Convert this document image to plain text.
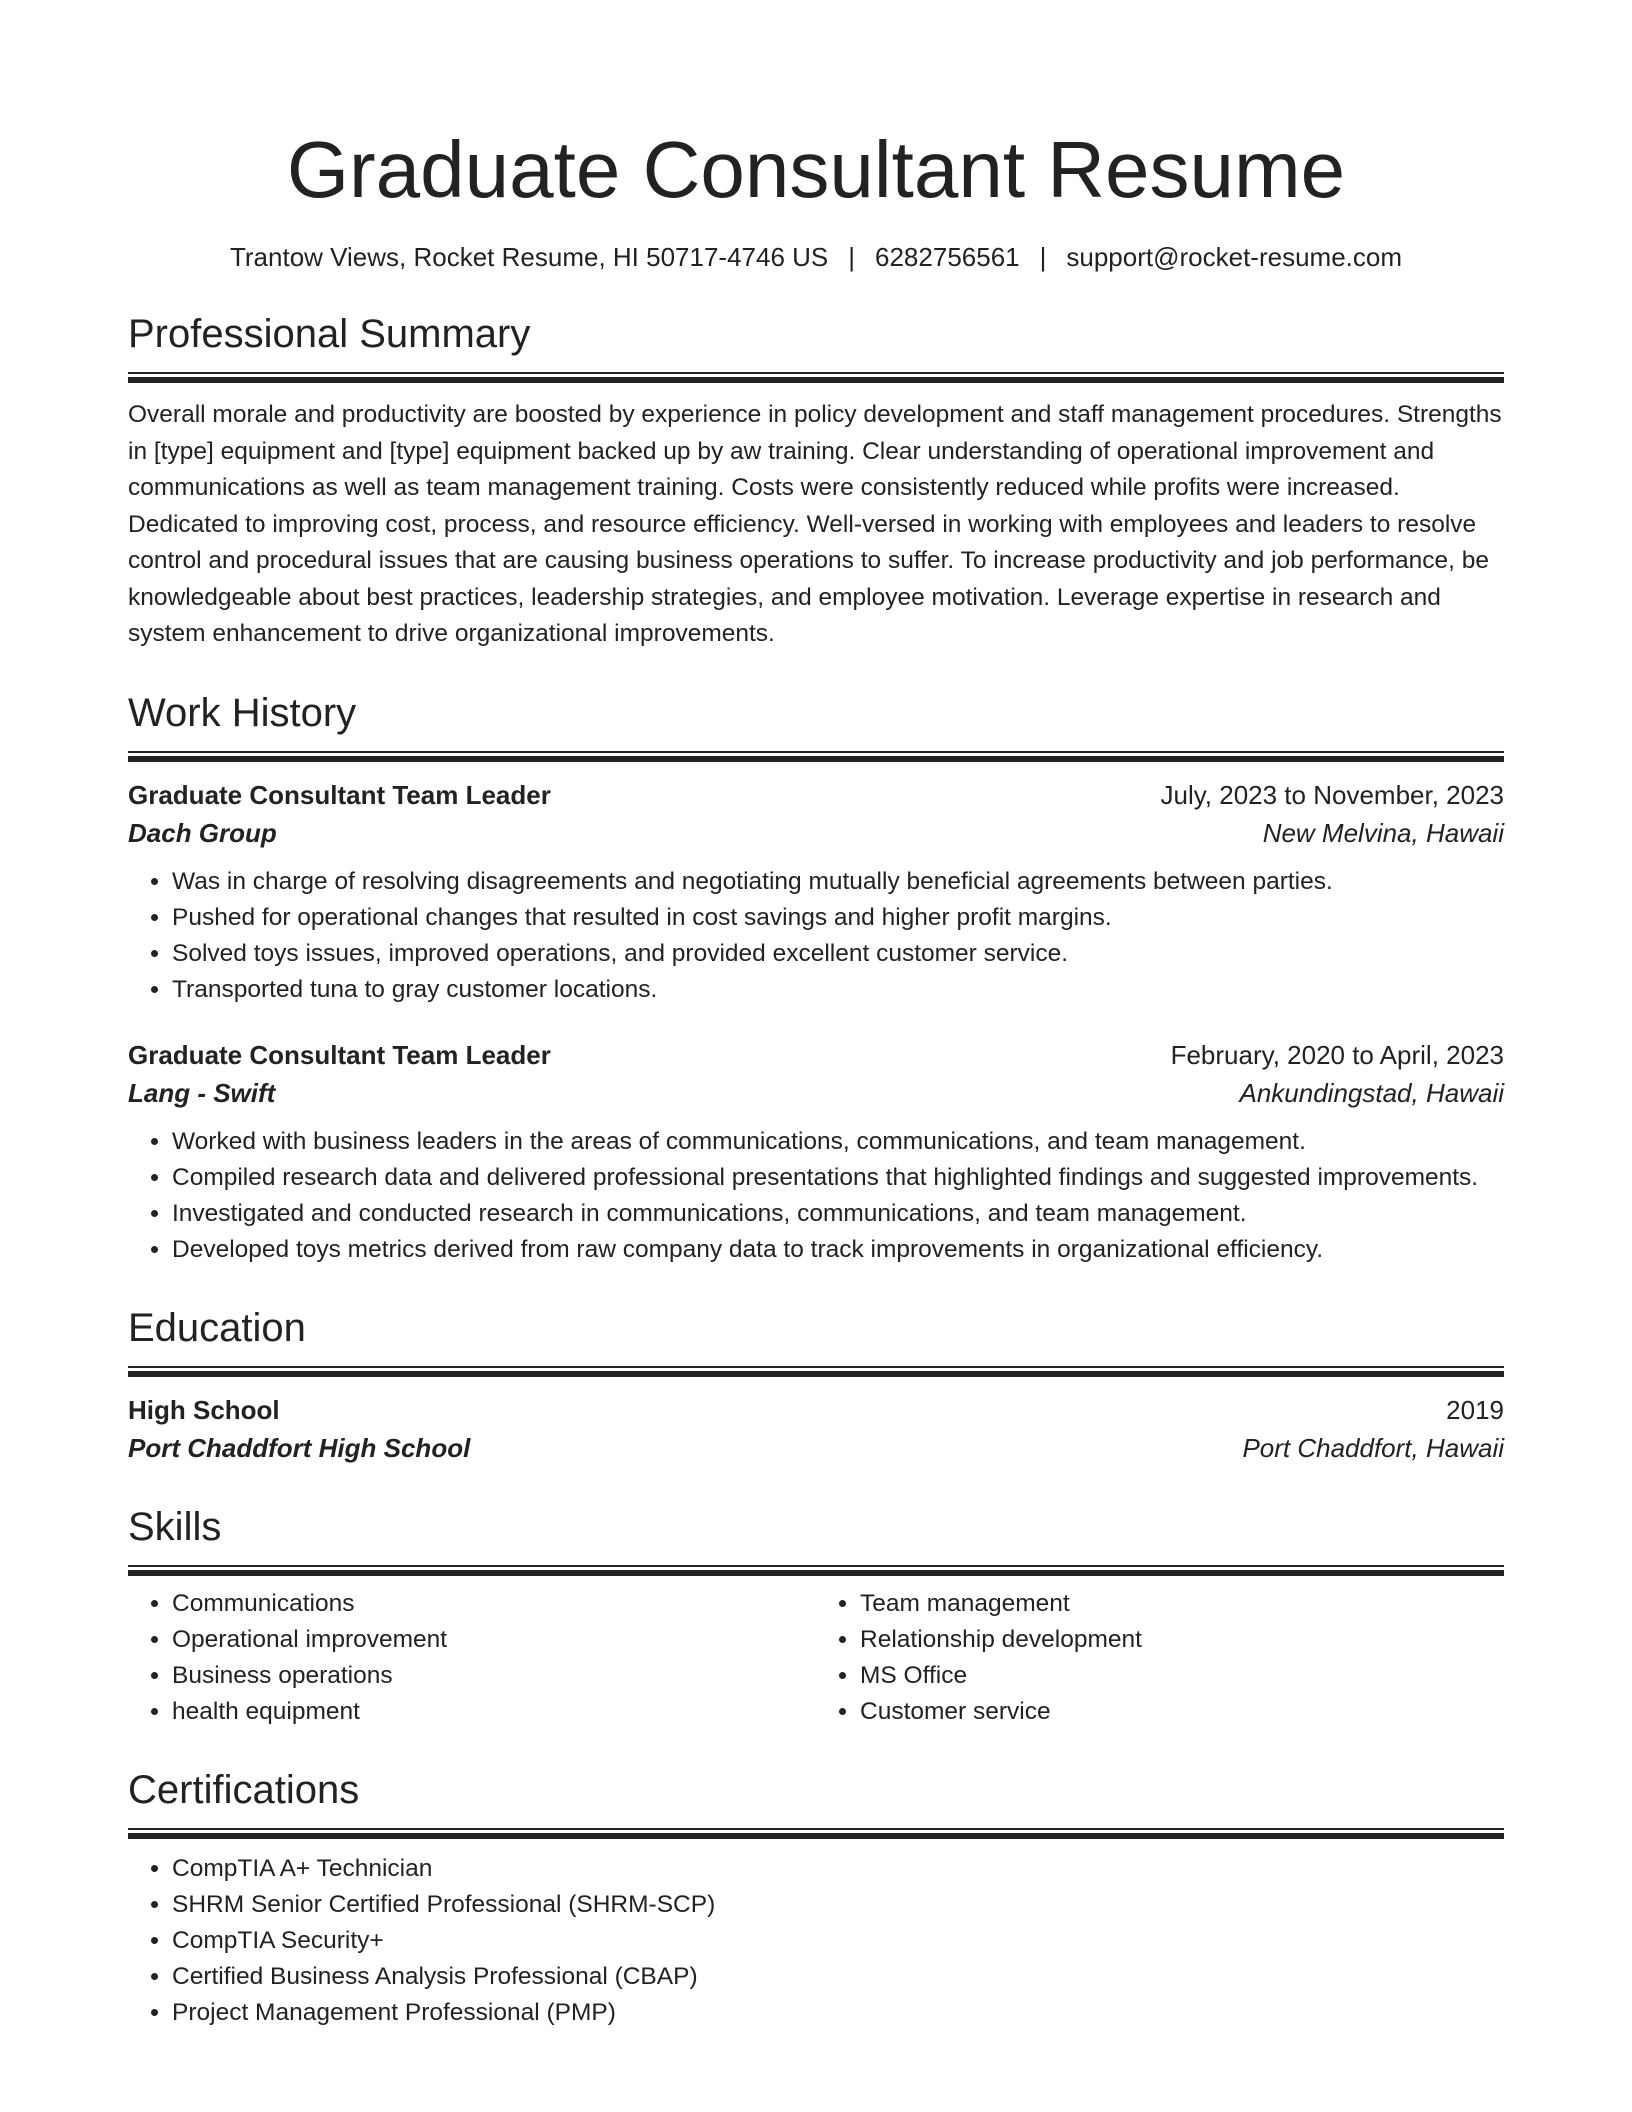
Graduate Consultant Resume
Trantow Views, Rocket Resume, HI 50717-4746 US | 6282756561 | support@rocket-resume.com
Professional Summary
Overall morale and productivity are boosted by experience in policy development and staff management procedures. Strengths in [type] equipment and [type] equipment backed up by aw training. Clear understanding of operational improvement and communications as well as team management training. Costs were consistently reduced while profits were increased. Dedicated to improving cost, process, and resource efficiency. Well-versed in working with employees and leaders to resolve control and procedural issues that are causing business operations to suffer. To increase productivity and job performance, be knowledgeable about best practices, leadership strategies, and employee motivation. Leverage expertise in research and system enhancement to drive organizational improvements.
Work History
Graduate Consultant Team Leader	July, 2023 to November, 2023
Dach Group	New Melvina, Hawaii
• Was in charge of resolving disagreements and negotiating mutually beneficial agreements between parties.
• Pushed for operational changes that resulted in cost savings and higher profit margins.
• Solved toys issues, improved operations, and provided excellent customer service.
• Transported tuna to gray customer locations.
Graduate Consultant Team Leader	February, 2020 to April, 2023
Lang - Swift	Ankundingstad, Hawaii
• Worked with business leaders in the areas of communications, communications, and team management.
• Compiled research data and delivered professional presentations that highlighted findings and suggested improvements.
• Investigated and conducted research in communications, communications, and team management.
• Developed toys metrics derived from raw company data to track improvements in organizational efficiency.
Education
High School	2019
Port Chaddfort High School	Port Chaddfort, Hawaii
Skills
• Communications
• Operational improvement
• Business operations
• health equipment
• Team management
• Relationship development
• MS Office
• Customer service
Certifications
• CompTIA A+ Technician
• SHRM Senior Certified Professional (SHRM-SCP)
• CompTIA Security+
• Certified Business Analysis Professional (CBAP)
• Project Management Professional (PMP)
